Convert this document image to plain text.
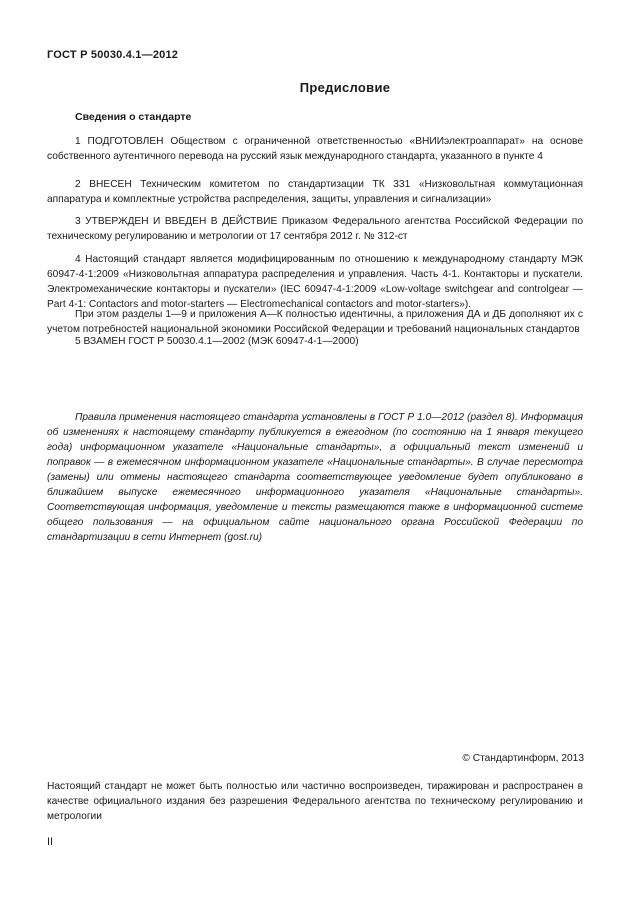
ГОСТ Р 50030.4.1—2012
Предисловие
Сведения о стандарте
1 ПОДГОТОВЛЕН Обществом с ограниченной ответственностью «ВНИИэлектроаппарат» на основе собственного аутентичного перевода на русский язык международного стандарта, указанного в пункте 4
2 ВНЕСЕН Техническим комитетом по стандартизации ТК 331 «Низковольтная коммутационная аппаратура и комплектные устройства распределения, защиты, управления и сигнализации»
3 УТВЕРЖДЕН И ВВЕДЕН В ДЕЙСТВИЕ Приказом Федерального агентства Российской Федерации по техническому регулированию и метрологии от 17 сентября 2012 г. № 312-ст
4 Настоящий стандарт является модифицированным по отношению к международному стандарту МЭК 60947-4-1:2009 «Низковольтная аппаратура распределения и управления. Часть 4-1. Контакторы и пускатели. Электромеханические контакторы и пускатели» (IEC 60947-4-1:2009 «Low-voltage switchgear and controlgear — Part 4-1: Contactors and motor-starters — Electromechanical contactors and motor-starters»).
При этом разделы 1—9 и приложения А—К полностью идентичны, а приложения ДА и ДБ дополняют их с учетом потребностей национальной экономики Российской Федерации и требований национальных стандартов
5 ВЗАМЕН ГОСТ Р 50030.4.1—2002 (МЭК 60947-4-1—2000)
Правила применения настоящего стандарта установлены в ГОСТ Р 1.0—2012 (раздел 8). Информация об изменениях к настоящему стандарту публикуется в ежегодном (по состоянию на 1 января текущего года) информационном указателе «Национальные стандарты», а официальный текст изменений и поправок — в ежемесячном информационном указателе «Национальные стандарты». В случае пересмотра (замены) или отмены настоящего стандарта соответствующее уведомление будет опубликовано в ближайшем выпуске ежемесячного информационного указателя «Национальные стандарты». Соответствующая информация, уведомление и тексты размещаются также в информационной системе общего пользования — на официальном сайте национального органа Российской Федерации по стандартизации в сети Интернет (gost.ru)
© Стандартинформ, 2013
Настоящий стандарт не может быть полностью или частично воспроизведен, тиражирован и распространен в качестве официального издания без разрешения Федерального агентства по техническому регулированию и метрологии
II
